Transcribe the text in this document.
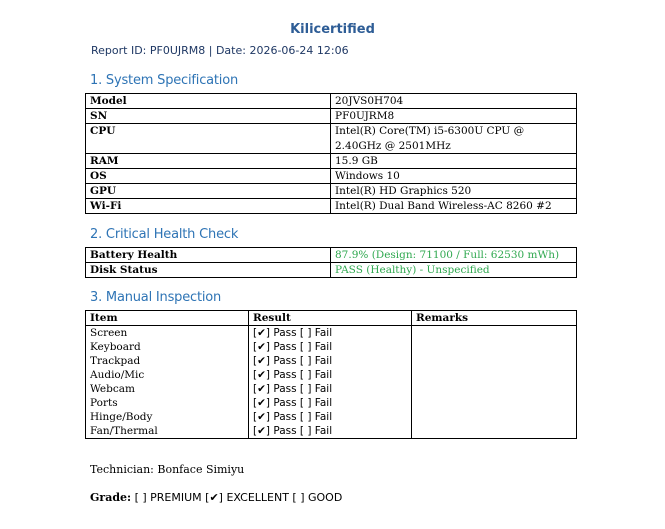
Kilicertified
Report ID: PF0UJRM8 | Date: 2026-06-24 12:06
1. System Specification
Model	20JVS0H704
SN	PF0UJRM8
CPU	Intel(R) Core(TM) i5-6300U CPU @ 2.40GHz @ 2501MHz
RAM	15.9 GB
OS	Windows 10
GPU	Intel(R) HD Graphics 520
Wi-Fi	Intel(R) Dual Band Wireless-AC 8260 #2
2. Critical Health Check
Battery Health	87.9% (Design: 71100 / Full: 62530 mWh)
Disk Status	PASS (Healthy) - Unspecified
3. Manual Inspection
Item	Result	Remarks
Screen	[✔] Pass [ ] Fail	
Keyboard	[✔] Pass [ ] Fail	
Trackpad	[✔] Pass [ ] Fail	
Audio/Mic	[✔] Pass [ ] Fail	
Webcam	[✔] Pass [ ] Fail	
Ports	[✔] Pass [ ] Fail	
Hinge/Body	[✔] Pass [ ] Fail	
Fan/Thermal	[✔] Pass [ ] Fail	
Technician: Bonface Simiyu
Grade: [ ] PREMIUM [✔] EXCELLENT [ ] GOOD
